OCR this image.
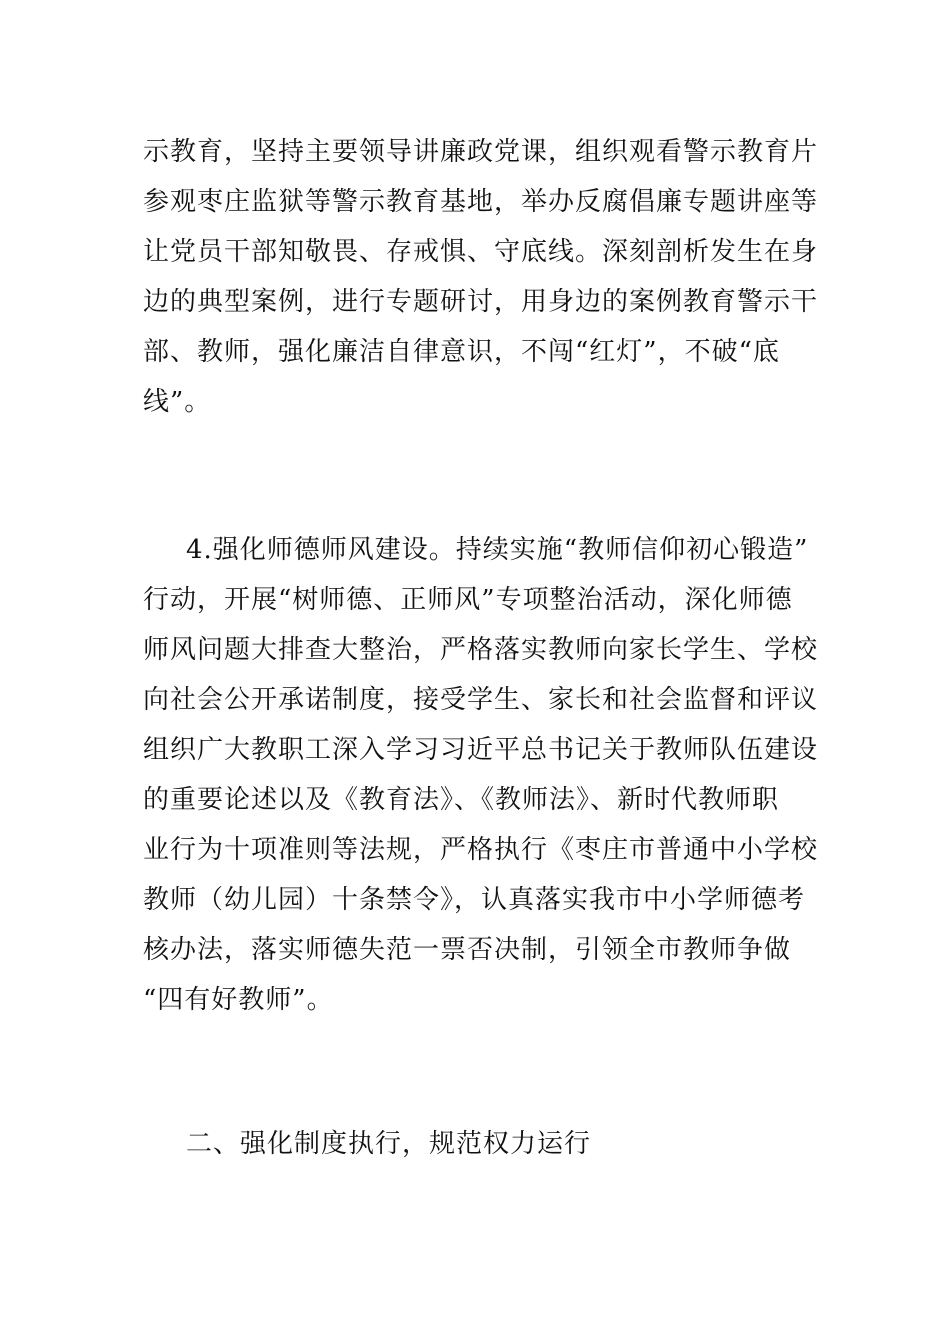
示教育，坚持主要领导讲廉政党课，组织观看警示教育片
参观枣庄监狱等警示教育基地，举办反腐倡廉专题讲座等
让党员干部知敬畏、存戒惧、守底线。深刻剖析发生在身
边的典型案例，进行专题研讨，用身边的案例教育警示干
部、教师，强化廉洁自律意识，不闯“红灯”，不破“底
线”。
4.强化师德师风建设。持续实施“教师信仰初心锻造”
行动，开展“树师德、正师风”专项整治活动，深化师德
师风问题大排查大整治，严格落实教师向家长学生、学校
向社会公开承诺制度，接受学生、家长和社会监督和评议
组织广大教职工深入学习习近平总书记关于教师队伍建设
的重要论述以及《教育法》、《教师法》、新时代教师职
业行为十项准则等法规，严格执行《枣庄市普通中小学校
教师（幼儿园）十条禁令》，认真落实我市中小学师德考
核办法，落实师德失范一票否决制，引领全市教师争做
“四有好教师”。
二、强化制度执行，规范权力运行
